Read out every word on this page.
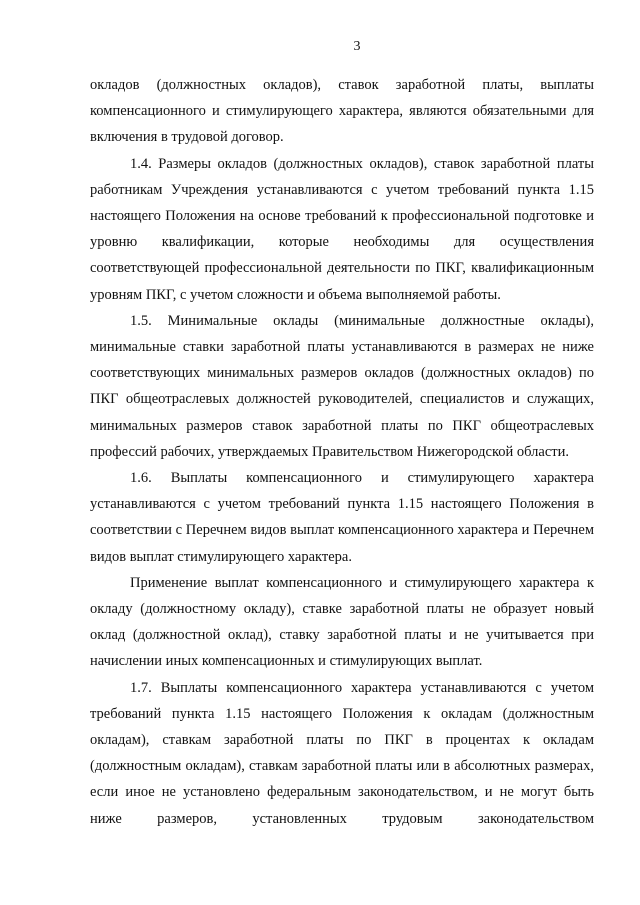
3

окладов (должностных окладов), ставок заработной платы, выплаты компенсационного и стимулирующего характера, являются обязательными для включения в трудовой договор.

1.4. Размеры окладов (должностных окладов), ставок заработной платы работникам Учреждения устанавливаются с учетом требований пункта 1.15 настоящего Положения на основе требований к профессиональной подготовке и уровню квалификации, которые необходимы для осуществления соответствующей профессиональной деятельности по ПКГ, квалификационным уровням ПКГ, с учетом сложности и объема выполняемой работы.

1.5. Минимальные оклады (минимальные должностные оклады), минимальные ставки заработной платы устанавливаются в размерах не ниже соответствующих минимальных размеров окладов (должностных окладов) по ПКГ общеотраслевых должностей руководителей, специалистов и служащих, минимальных размеров ставок заработной платы по ПКГ общеотраслевых профессий рабочих, утверждаемых Правительством Нижегородской области.

1.6. Выплаты компенсационного и стимулирующего характера устанавливаются с учетом требований пункта 1.15 настоящего Положения в соответствии с Перечнем видов выплат компенсационного характера и Перечнем видов выплат стимулирующего характера.

Применение выплат компенсационного и стимулирующего характера к окладу (должностному окладу), ставке заработной платы не образует новый оклад (должностной оклад), ставку заработной платы и не учитывается при начислении иных компенсационных и стимулирующих выплат.

1.7. Выплаты компенсационного характера устанавливаются с учетом требований пункта 1.15 настоящего Положения к окладам (должностным окладам), ставкам заработной платы по ПКГ в процентах к окладам (должностным окладам), ставкам заработной платы или в абсолютных размерах, если иное не установлено федеральным законодательством, и не могут быть ниже размеров, установленных трудовым законодательством
